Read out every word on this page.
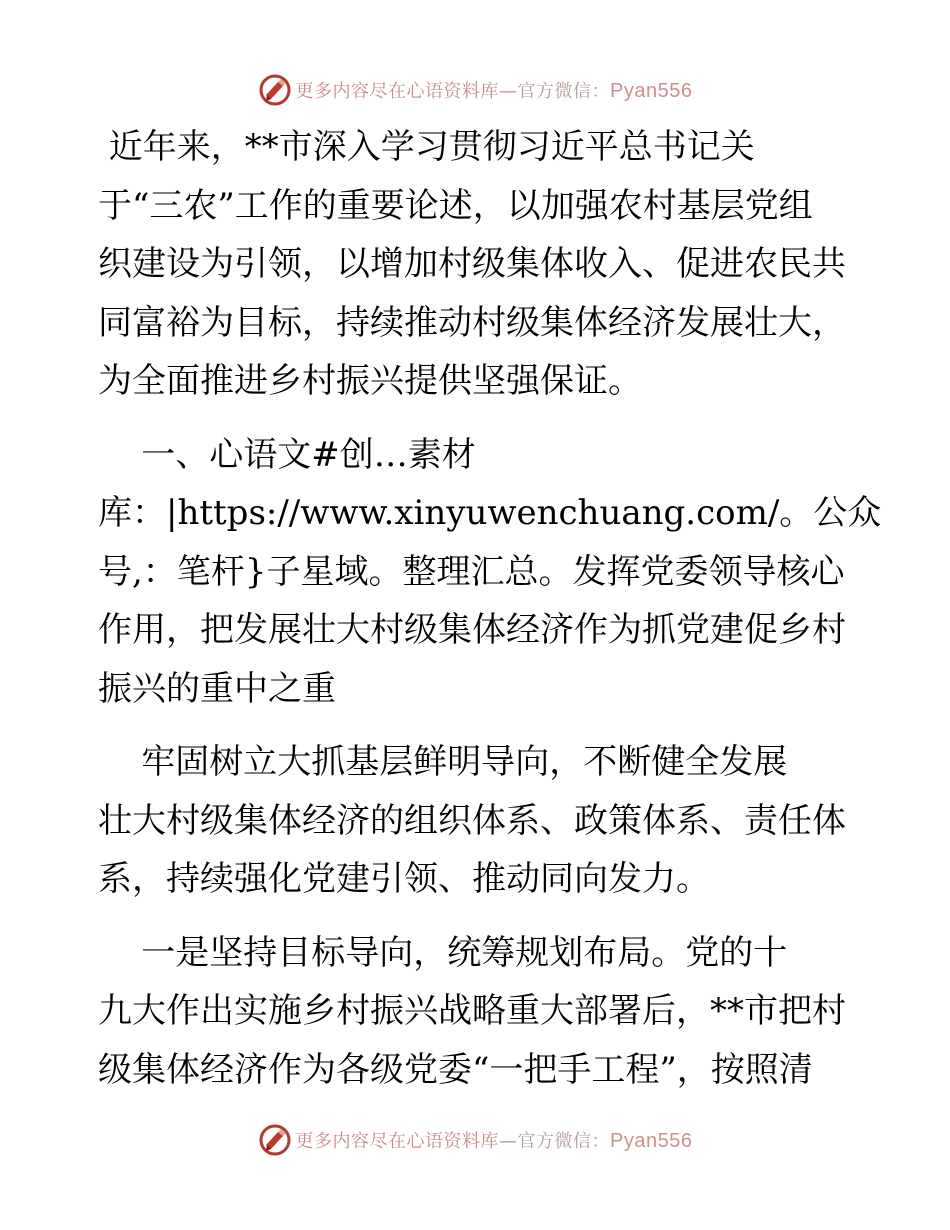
更多内容尽在心语资料库—官方微信：Pyan556

近年来，**市深入学习贯彻习近平总书记关

于“三农”工作的重要论述，以加强农村基层党组

织建设为引领，以增加村级集体收入、促进农民共

同富裕为目标，持续推动村级集体经济发展壮大，

为全面推进乡村振兴提供坚强保证。

一、心语文#创…素材

库：|https://www.xinyuwenchuang.com/。公众

号,：笔杆}子星域。整理汇总。发挥党委领导核心

作用，把发展壮大村级集体经济作为抓党建促乡村

振兴的重中之重

牢固树立大抓基层鲜明导向，不断健全发展

壮大村级集体经济的组织体系、政策体系、责任体

系，持续强化党建引领、推动同向发力。

一是坚持目标导向，统筹规划布局。党的十

九大作出实施乡村振兴战略重大部署后，**市把村

级集体经济作为各级党委“一把手工程”，按照清

更多内容尽在心语资料库—官方微信：Pyan556
